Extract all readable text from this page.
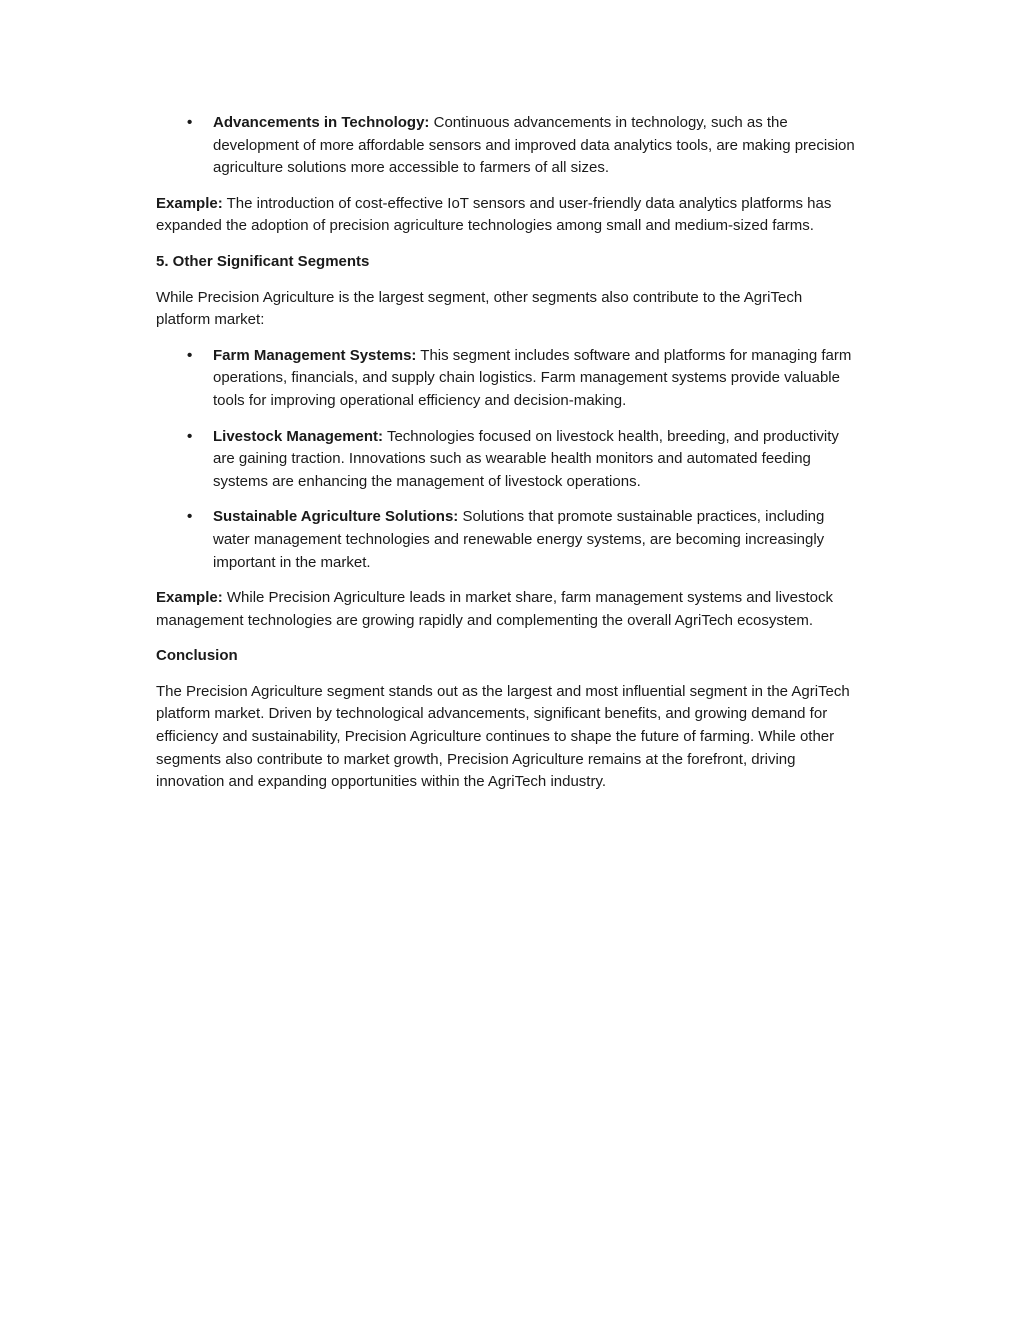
• Advancements in Technology: Continuous advancements in technology, such as the development of more affordable sensors and improved data analytics tools, are making precision agriculture solutions more accessible to farmers of all sizes.

Example: The introduction of cost-effective IoT sensors and user-friendly data analytics platforms has expanded the adoption of precision agriculture technologies among small and medium-sized farms.

5. Other Significant Segments

While Precision Agriculture is the largest segment, other segments also contribute to the AgriTech platform market:

• Farm Management Systems: This segment includes software and platforms for managing farm operations, financials, and supply chain logistics. Farm management systems provide valuable tools for improving operational efficiency and decision-making.
• Livestock Management: Technologies focused on livestock health, breeding, and productivity are gaining traction. Innovations such as wearable health monitors and automated feeding systems are enhancing the management of livestock operations.
• Sustainable Agriculture Solutions: Solutions that promote sustainable practices, including water management technologies and renewable energy systems, are becoming increasingly important in the market.

Example: While Precision Agriculture leads in market share, farm management systems and livestock management technologies are growing rapidly and complementing the overall AgriTech ecosystem.

Conclusion

The Precision Agriculture segment stands out as the largest and most influential segment in the AgriTech platform market. Driven by technological advancements, significant benefits, and growing demand for efficiency and sustainability, Precision Agriculture continues to shape the future of farming. While other segments also contribute to market growth, Precision Agriculture remains at the forefront, driving innovation and expanding opportunities within the AgriTech industry.
